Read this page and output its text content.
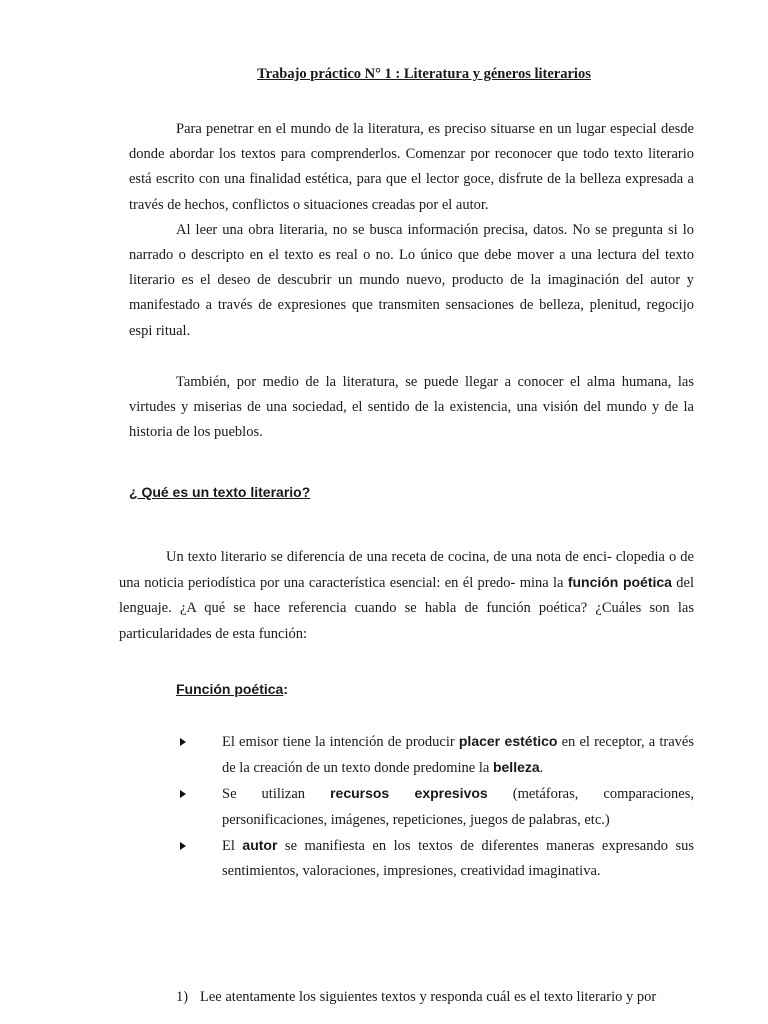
Trabajo práctico N° 1 : Literatura y géneros literarios

Para penetrar en el mundo de la literatura, es preciso situarse en un lugar especial desde donde abordar los textos para comprenderlos. Comenzar por reconocer que todo texto literario está escrito con una finalidad estética, para que el lector goce, disfrute de la belleza expresada a través de hechos, conflictos o situaciones creadas por el autor.

Al leer una obra literaria, no se busca información precisa, datos. No se pregunta si lo narrado o descripto en el texto es real o no. Lo único que debe mover a una lectura del texto literario es el deseo de descubrir un mundo nuevo, producto de la imaginación del autor y manifestado a través de expresiones que transmiten sensaciones de belleza, plenitud, regocijo espi ritual.

También, por medio de la literatura, se puede llegar a conocer el alma humana, las virtudes y miserias de una sociedad, el sentido de la existencia, una visión del mundo y de la historia de los pueblos.

¿ Qué es un texto literario?

Un texto literario se diferencia de una receta de cocina, de una nota de enci- clopedia o de una noticia periodística por una característica esencial: en él predo- mina la función poética del lenguaje. ¿A qué se hace referencia cuando se habla de función poética? ¿Cuáles son las particularidades de esta función:

Función poética:
El emisor tiene la intención de producir placer estético en el receptor, a través de la creación de un texto donde predomine la belleza.
Se utilizan recursos expresivos (metáforas, comparaciones, personificaciones, imágenes, repeticiones, juegos de palabras, etc.)
El autor se manifiesta en los textos de diferentes maneras expresando sus sentimientos, valoraciones, impresiones, creatividad imaginativa.
1) Lee atentamente los siguientes textos y responda cuál es el texto literario y por
